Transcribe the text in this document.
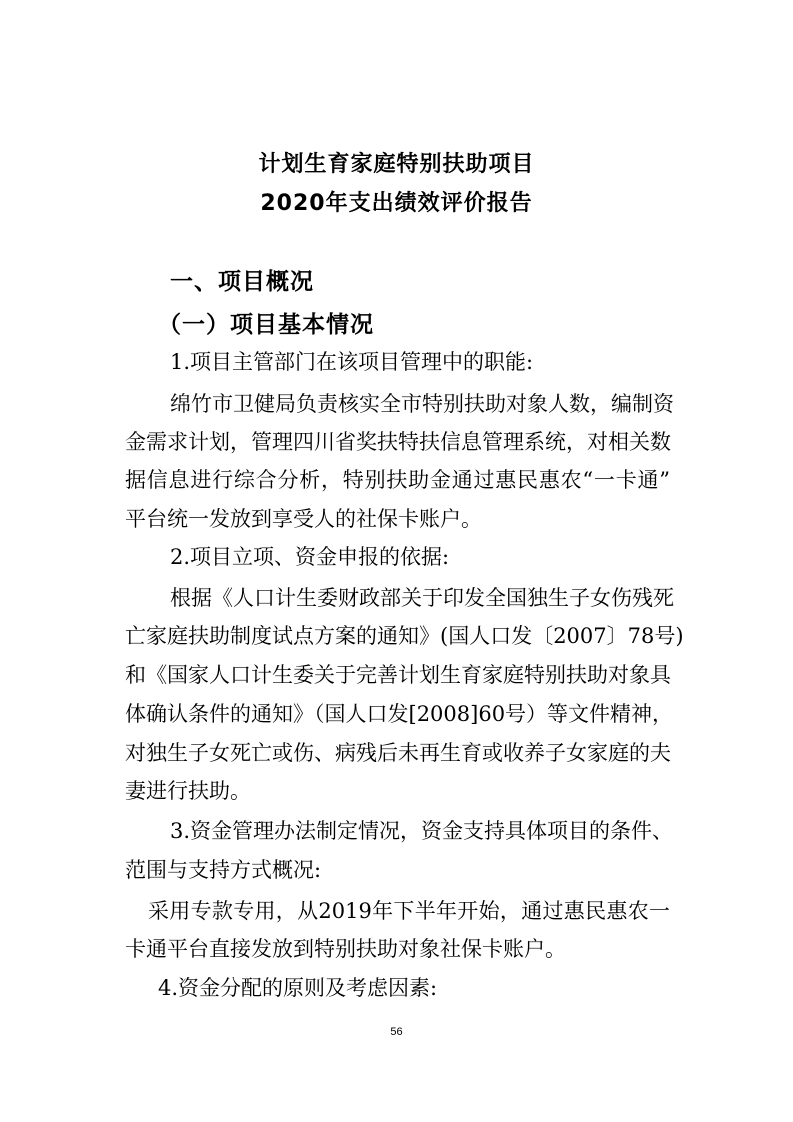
计划生育家庭特别扶助项目
2020年支出绩效评价报告
一、项目概况
（一）项目基本情况
1.项目主管部门在该项目管理中的职能:
绵竹市卫健局负责核实全市特别扶助对象人数，编制资
金需求计划，管理四川省奖扶特扶信息管理系统，对相关数
据信息进行综合分析，特别扶助金通过惠民惠农“一卡通”
平台统一发放到享受人的社保卡账户。
2.项目立项、资金申报的依据:
根据《人口计生委财政部关于印发全国独生子女伤残死
亡家庭扶助制度试点方案的通知》(国人口发〔2007〕78号)
和《国家人口计生委关于完善计划生育家庭特别扶助对象具
体确认条件的通知》（国人口发[2008]60号）等文件精神，
对独生子女死亡或伤、病残后未再生育或收养子女家庭的夫
妻进行扶助。
3.资金管理办法制定情况，资金支持具体项目的条件、
范围与支持方式概况:
采用专款专用，从2019年下半年开始，通过惠民惠农一
卡通平台直接发放到特别扶助对象社保卡账户。
4.资金分配的原则及考虑因素:
56
